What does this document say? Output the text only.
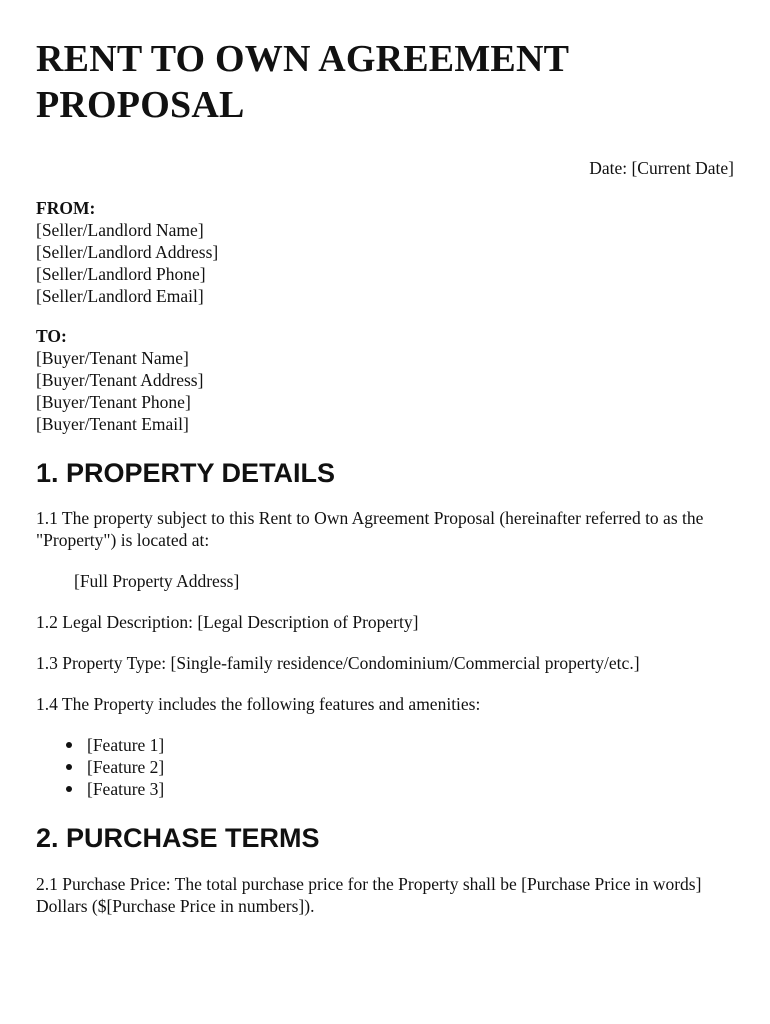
RENT TO OWN AGREEMENT
PROPOSAL
Date: [Current Date]
FROM:
[Seller/Landlord Name]
[Seller/Landlord Address]
[Seller/Landlord Phone]
[Seller/Landlord Email]
TO:
[Buyer/Tenant Name]
[Buyer/Tenant Address]
[Buyer/Tenant Phone]
[Buyer/Tenant Email]
1. PROPERTY DETAILS

1.1 The property subject to this Rent to Own Agreement Proposal (hereinafter referred to as the "Property") is located at:

[Full Property Address]

1.2 Legal Description: [Legal Description of Property]

1.3 Property Type: [Single-family residence/Condominium/Commercial property/etc.]

1.4 The Property includes the following features and amenities:

[Feature 1]
[Feature 2]
[Feature 3]
2. PURCHASE TERMS

2.1 Purchase Price: The total purchase price for the Property shall be [Purchase Price in words] Dollars ($[Purchase Price in numbers]).
